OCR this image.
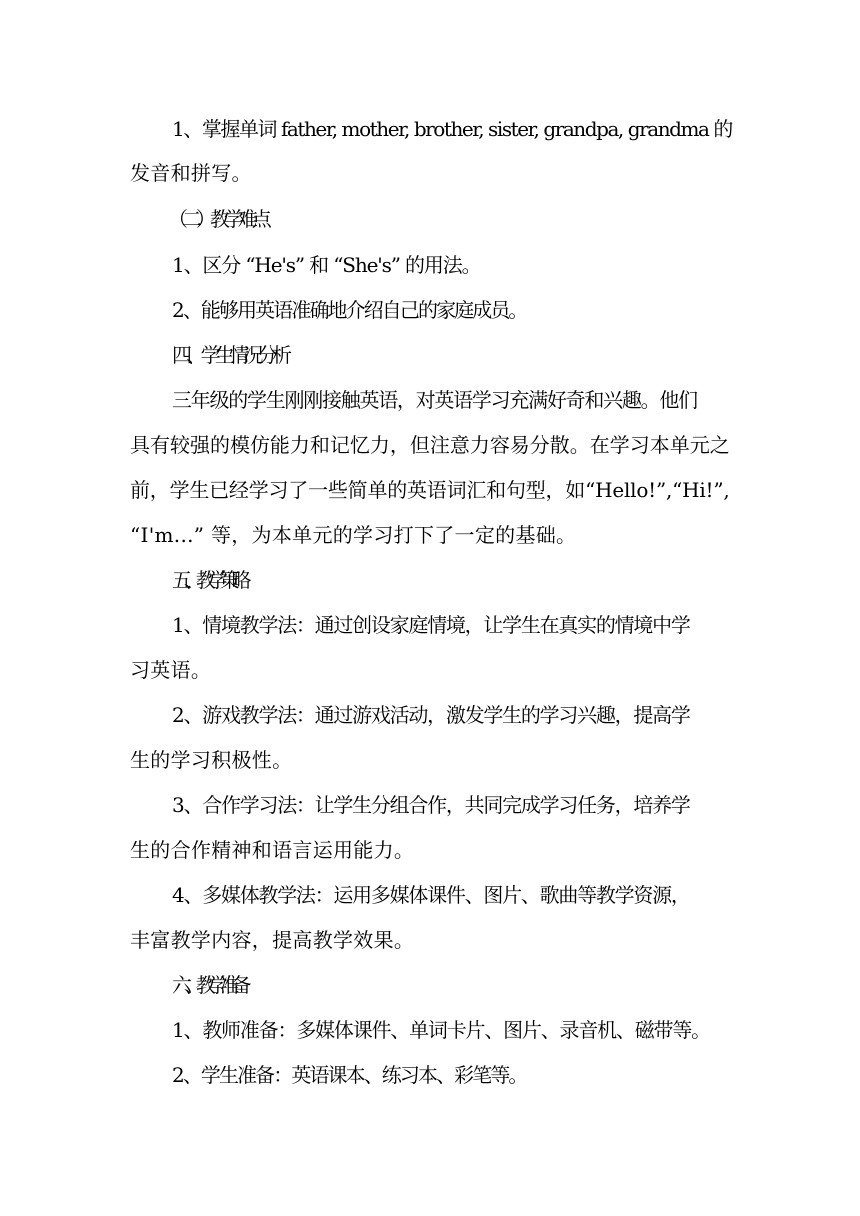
1、掌握单词 father, mother, brother, sister, grandpa, grandma 的
发音和拼写。
（二）教学难点
1、区分 “He's” 和 “She's” 的用法。
2、能够用英语准确地介绍自己的家庭成员。
四、学生情况分析
三年级的学生刚刚接触英语，对英语学习充满好奇和兴趣。他们
具有较强的模仿能力和记忆力，但注意力容易分散。在学习本单元之
前，学生已经学习了一些简单的英语词汇和句型，如“Hello!”,“Hi!”,
“I'm...” 等，为本单元的学习打下了一定的基础。
五、教学策略
1、情境教学法：通过创设家庭情境，让学生在真实的情境中学
习英语。
2、游戏教学法：通过游戏活动，激发学生的学习兴趣，提高学
生的学习积极性。
3、合作学习法：让学生分组合作，共同完成学习任务，培养学
生的合作精神和语言运用能力。
4、多媒体教学法：运用多媒体课件、图片、歌曲等教学资源，
丰富教学内容，提高教学效果。
六、教学准备
1、教师准备：多媒体课件、单词卡片、图片、录音机、磁带等。
2、学生准备：英语课本、练习本、彩笔等。
